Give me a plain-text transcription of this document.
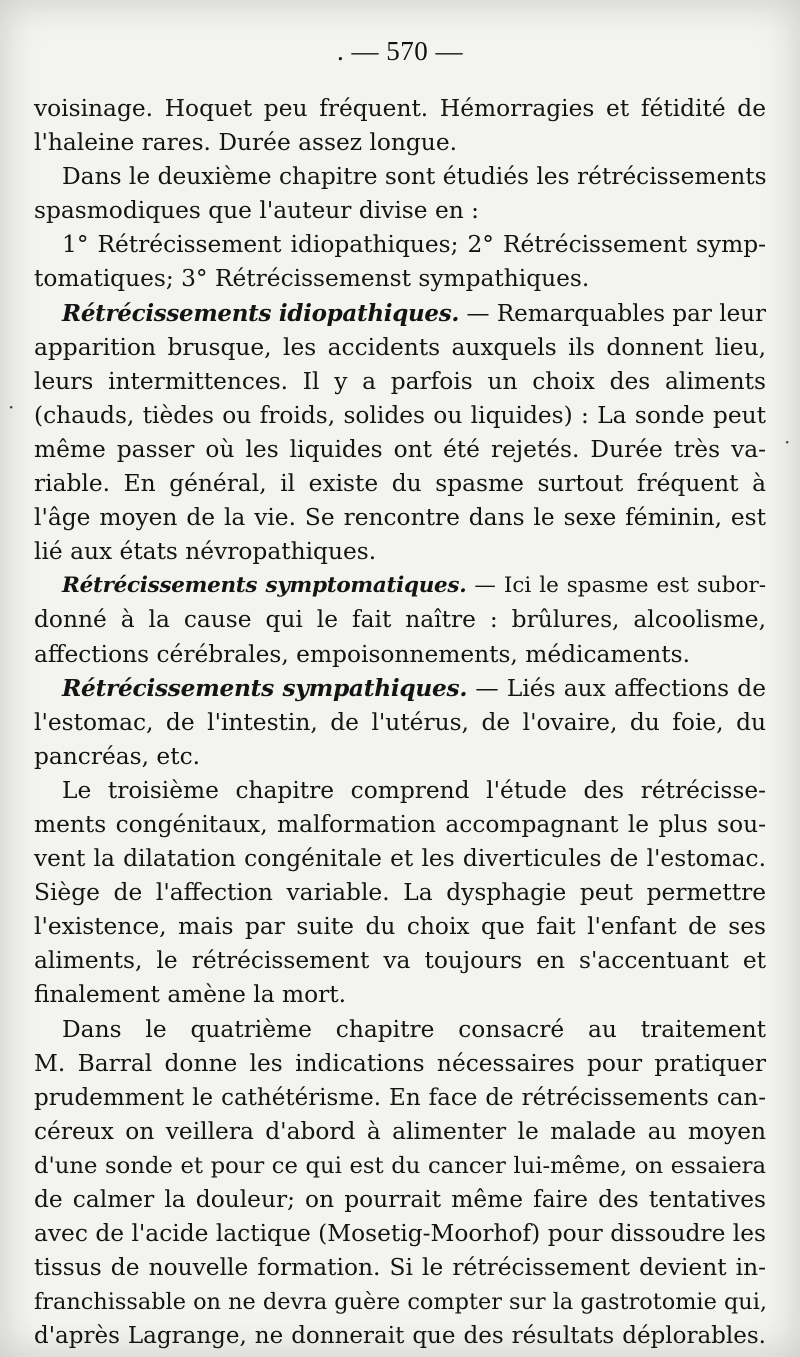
. — 570 —
voisinage. Hoquet peu fréquent. Hémorragies et fétidité de
l'haleine rares. Durée assez longue.
Dans le deuxième chapitre sont étudiés les rétrécissements
spasmodiques que l'auteur divise en :
1° Rétrécissement idiopathiques; 2° Rétrécissement symp-
tomatiques; 3° Rétrécissemenst sympathiques.
Rétrécissements idiopathiques. — Remarquables par leur
apparition brusque, les accidents auxquels ils donnent lieu,
leurs intermittences. Il y a parfois un choix des aliments
(chauds, tièdes ou froids, solides ou liquides) : La sonde peut
même passer où les liquides ont été rejetés. Durée très va-
riable. En général, il existe du spasme surtout fréquent à
l'âge moyen de la vie. Se rencontre dans le sexe féminin, est
lié aux états névropathiques.
Rétrécissements symptomatiques. — Ici le spasme est subor-
donné à la cause qui le fait naître : brûlures, alcoolisme,
affections cérébrales, empoisonnements, médicaments.
Rétrécissements sympathiques. — Liés aux affections de
l'estomac, de l'intestin, de l'utérus, de l'ovaire, du foie, du
pancréas, etc.
Le troisième chapitre comprend l'étude des rétrécisse-
ments congénitaux, malformation accompagnant le plus sou-
vent la dilatation congénitale et les diverticules de l'estomac.
Siège de l'affection variable. La dysphagie peut permettre
l'existence, mais par suite du choix que fait l'enfant de ses
aliments, le rétrécissement va toujours en s'accentuant et
finalement amène la mort.
Dans le quatrième chapitre consacré au traitement
M. Barral donne les indications nécessaires pour pratiquer
prudemment le cathétérisme. En face de rétrécissements can-
céreux on veillera d'abord à alimenter le malade au moyen
d'une sonde et pour ce qui est du cancer lui-même, on essaiera
de calmer la douleur; on pourrait même faire des tentatives
avec de l'acide lactique (Mosetig-Moorhof) pour dissoudre les
tissus de nouvelle formation. Si le rétrécissement devient in-
franchissable on ne devra guère compter sur la gastrotomie qui,
d'après Lagrange, ne donnerait que des résultats déplorables.
·
·
